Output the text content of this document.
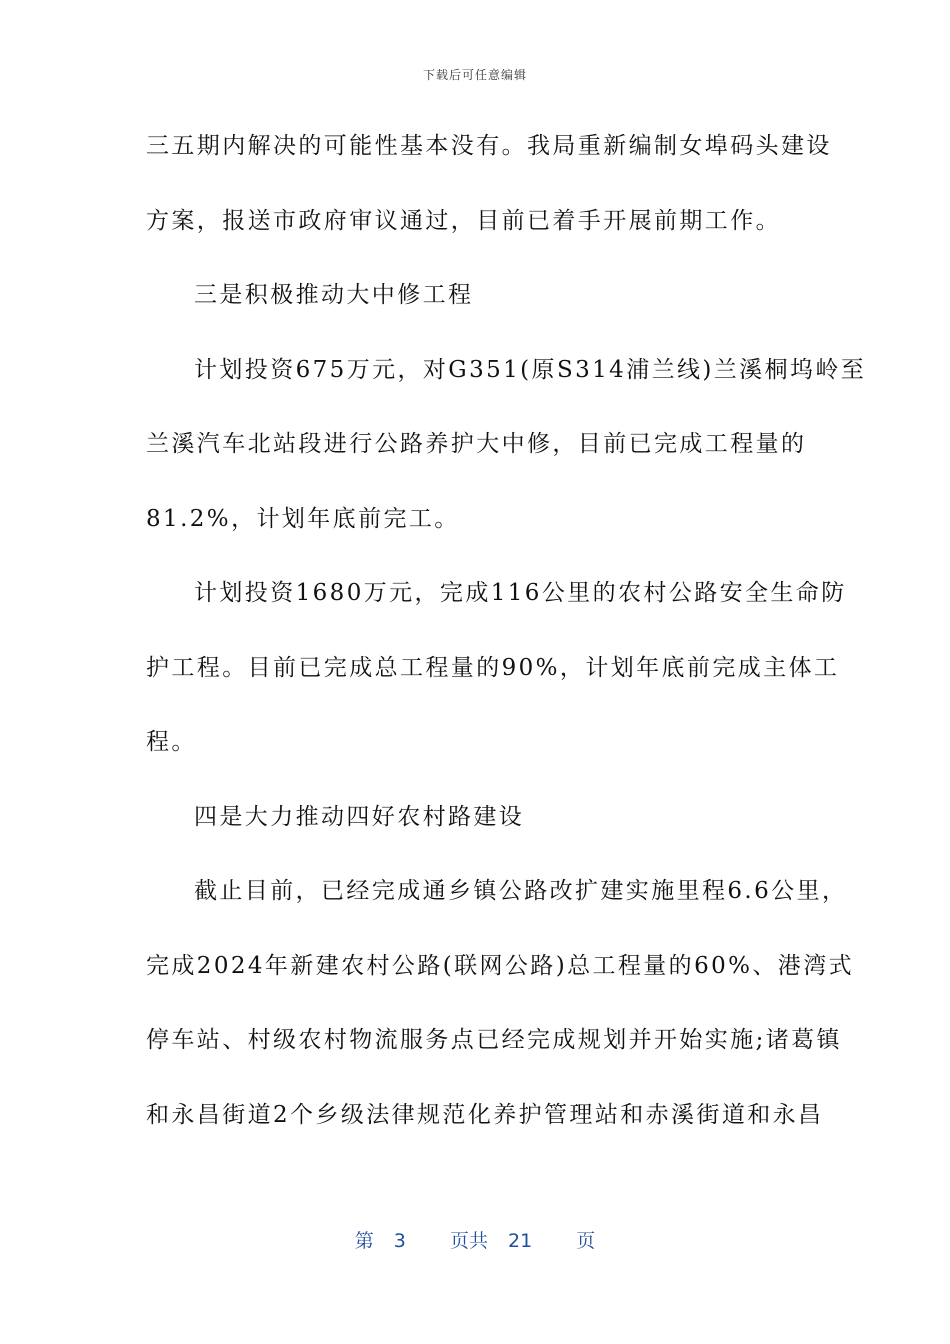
下载后可任意编辑
三五期内解决的可能性基本没有。我局重新编制女埠码头建设
方案，报送市政府审议通过，目前已着手开展前期工作。
三是积极推动大中修工程
计划投资675万元，对G351(原S314浦兰线)兰溪桐坞岭至
兰溪汽车北站段进行公路养护大中修，目前已完成工程量的
81.2%，计划年底前完工。
计划投资1680万元，完成116公里的农村公路安全生命防
护工程。目前已完成总工程量的90%，计划年底前完成主体工
程。
四是大力推动四好农村路建设
截止目前，已经完成通乡镇公路改扩建实施里程6.6公里，
完成2024年新建农村公路(联网公路)总工程量的60%、港湾式
停车站、村级农村物流服务点已经完成规划并开始实施;诸葛镇
和永昌街道2个乡级法律规范化养护管理站和赤溪街道和永昌
第 3 页共 21 页
